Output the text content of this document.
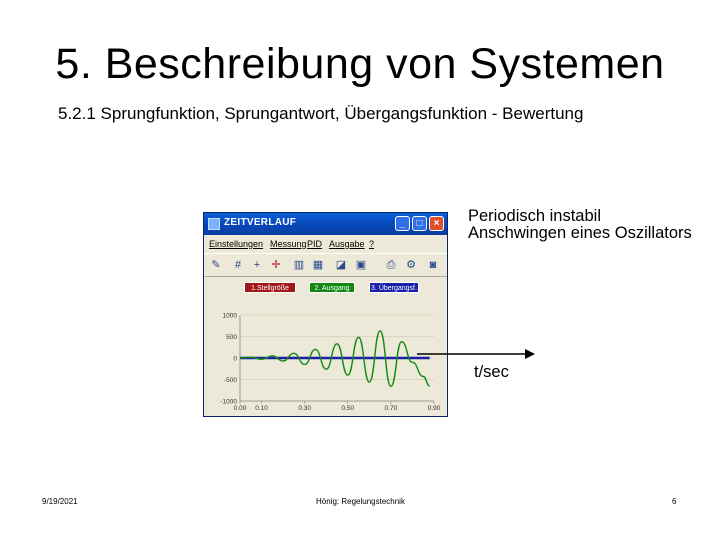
5. Beschreibung von Systemen
5.2.1 Sprungfunktion, Sprungantwort, Übergangsfunktion - Bewertung
ZEITVERLAUF	_	□	×
Einstellungen Messung PID Ausgabe ?
✎	#	+	✛ ▥ ▦ ◪ ▣ ⎙ ⚙	◙
1.Stellgröße	2. Ausgang	3. Übergangsf.
1000
500
0
-500
-1000
0.00 0.10	0.30	0.50	0.70	0.90
Periodisch instabil
Anschwingen eines Oszillators
t/sec
9/19/2021	Hönig: Regelungstechnik	6
